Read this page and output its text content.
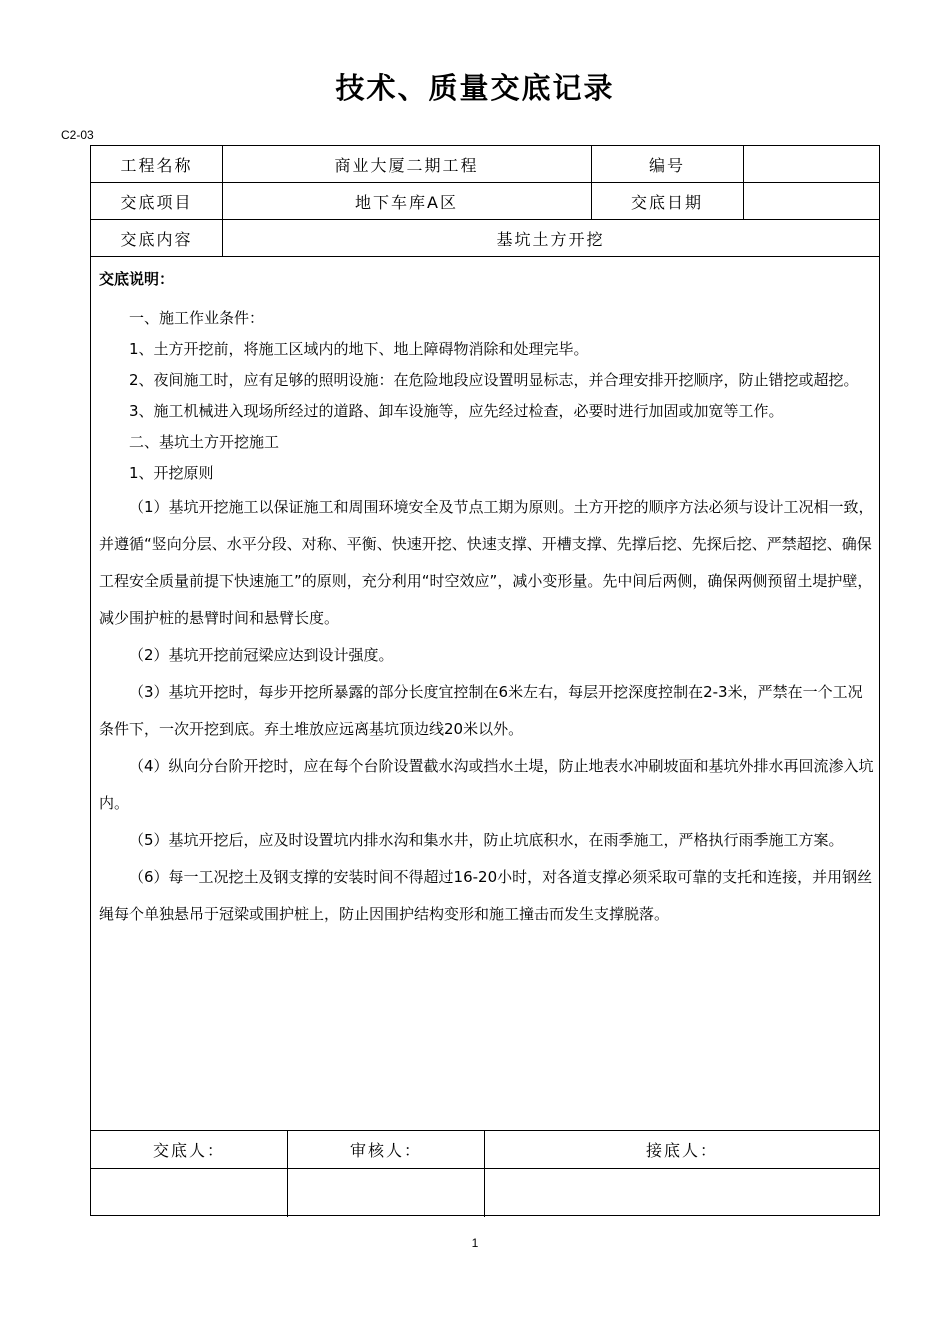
技术、质量交底记录
C2-03
工程名称	商业大厦二期工程	编号
交底项目	地下车库A区	交底日期
交底内容	基坑土方开挖
交底说明：

一、施工作业条件：

1、土方开挖前，将施工区域内的地下、地上障碍物消除和处理完毕。

2、夜间施工时，应有足够的照明设施：在危险地段应设置明显标志，并合理安排开挖顺序，防止错挖或超挖。

3、施工机械进入现场所经过的道路、卸车设施等，应先经过检查，必要时进行加固或加宽等工作。

二、基坑土方开挖施工

1、开挖原则

（1）基坑开挖施工以保证施工和周围环境安全及节点工期为原则。土方开挖的顺序方法必须与设计工况相一致，并遵循“竖向分层、水平分段、对称、平衡、快速开挖、快速支撑、开槽支撑、先撑后挖、先探后挖、严禁超挖、确保工程安全质量前提下快速施工”的原则，充分利用“时空效应”，减小变形量。先中间后两侧，确保两侧预留土堤护壁，减少围护桩的悬臂时间和悬臂长度。

（2）基坑开挖前冠梁应达到设计强度。

（3）基坑开挖时，每步开挖所暴露的部分长度宜控制在6米左右，每层开挖深度控制在2-3米，严禁在一个工况条件下，一次开挖到底。弃土堆放应远离基坑顶边线20米以外。

（4）纵向分台阶开挖时，应在每个台阶设置截水沟或挡水土堤，防止地表水冲刷坡面和基坑外排水再回流渗入坑内。

（5）基坑开挖后，应及时设置坑内排水沟和集水井，防止坑底积水，在雨季施工，严格执行雨季施工方案。

（6）每一工况挖土及钢支撑的安装时间不得超过16-20小时，对各道支撑必须采取可靠的支托和连接，并用钢丝绳每个单独悬吊于冠梁或围护桩上，防止因围护结构变形和施工撞击而发生支撑脱落。

交底人：	审核人：	接底人：
1
